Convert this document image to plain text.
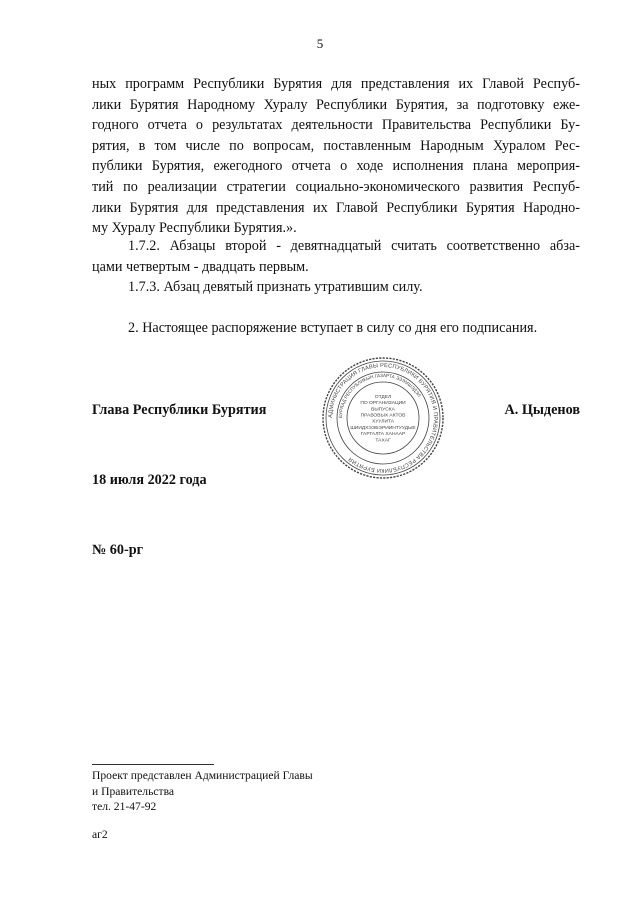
5

ных программ Республики Бурятия для представления их Главой Респуб-

лики Бурятия Народному Хуралу Республики Бурятия, за подготовку еже-

годного отчета о результатах деятельности Правительства Республики Бу-

рятия, в том числе по вопросам, поставленным Народным Хуралом Рес-

публики Бурятия, ежегодного отчета о ходе исполнения плана мероприя-

тий по реализации стратегии социально-экономического развития Респуб-

лики Бурятия для представления их Главой Республики Бурятия Народно-

му Хуралу Республики Бурятия.».

1.7.2. Абзацы второй - девятнадцатый считать соответственно абза-

цами четвертым - двадцать первым.

1.7.3. Абзац девятый признать утратившим силу.

2. Настоящее распоряжение вступает в силу со дня его подписания.

Глава Республики Бурятия	АДМИНИСТРАЦИЯ ГЛАВЫ РЕСПУБЛИКИ БУРЯТИЯ И ПРАВИТЕЛЬСТВА РЕСПУБЛИКИ БУРЯТИЯ
БУРЯАД РЕСПУБЛИКЫН ГАЗАРТА ЭЗЭМШЭДЭЛ
ОТДЕЛ
ПО ОРГАНИЗАЦИИ
ВЫПУСКА
ПРАВОВЫХ АКТОВ
ХУУЛИТА
ШИИДХЭЭБЭРИИНТУУДЫЕ
ГАРГАЛГА ХАНААР
ТАХАГ
А. Цыденов
18 июля 2022 года
№ 60-рг
Проект представлен Администрацией Главы
и Правительства
тел. 21-47-92
аг2
